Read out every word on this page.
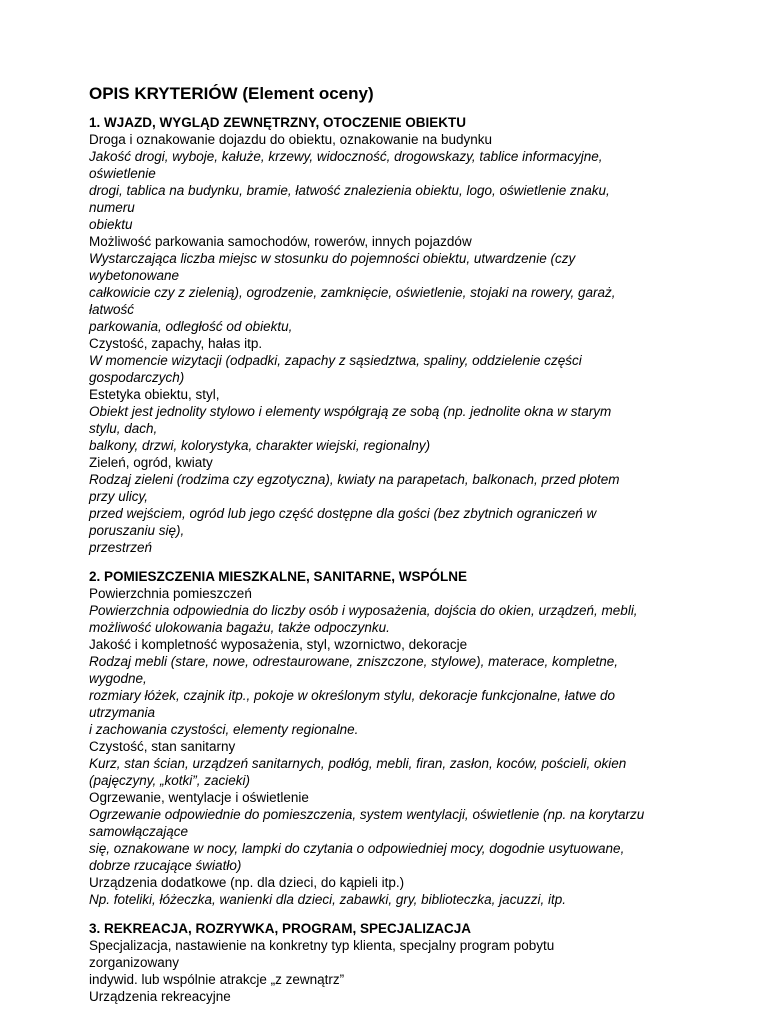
OPIS KRYTERIÓW (Element oceny)
1. WJAZD, WYGLĄD ZEWNĘTRZNY, OTOCZENIE OBIEKTU
Droga i oznakowanie dojazdu do obiektu, oznakowanie na budynku
Jakość drogi, wyboje, kałuże, krzewy, widoczność, drogowskazy, tablice informacyjne,
oświetlenie
drogi, tablica na budynku, bramie, łatwość znalezienia obiektu, logo, oświetlenie znaku,
numeru
obiektu
Możliwość parkowania samochodów, rowerów, innych pojazdów
Wystarczająca liczba miejsc w stosunku do pojemności obiektu, utwardzenie (czy
wybetonowane
całkowicie czy z zielenią), ogrodzenie, zamknięcie, oświetlenie, stojaki na rowery, garaż,
łatwość
parkowania, odległość od obiektu,
Czystość, zapachy, hałas itp.
W momencie wizytacji (odpadki, zapachy z sąsiedztwa, spaliny, oddzielenie części
gospodarczych)
Estetyka obiektu, styl,
Obiekt jest jednolity stylowo i elementy współgrają ze sobą (np. jednolite okna w starym
stylu, dach,
balkony, drzwi, kolorystyka, charakter wiejski, regionalny)
Zieleń, ogród, kwiaty
Rodzaj zieleni (rodzima czy egzotyczna), kwiaty na parapetach, balkonach, przed płotem
przy ulicy,
przed wejściem, ogród lub jego część dostępne dla gości (bez zbytnich ograniczeń w
poruszaniu się),
przestrzeń
2. POMIESZCZENIA MIESZKALNE, SANITARNE, WSPÓLNE
Powierzchnia pomieszczeń
Powierzchnia odpowiednia do liczby osób i wyposażenia, dojścia do okien, urządzeń, mebli,
możliwość ulokowania bagażu, także odpoczynku.
Jakość i kompletność wyposażenia, styl, wzornictwo, dekoracje
Rodzaj mebli (stare, nowe, odrestaurowane, zniszczone, stylowe), materace, kompletne,
wygodne,
rozmiary łóżek, czajnik itp., pokoje w określonym stylu, dekoracje funkcjonalne, łatwe do
utrzymania
i zachowania czystości, elementy regionalne.
Czystość, stan sanitarny
Kurz, stan ścian, urządzeń sanitarnych, podłóg, mebli, firan, zasłon, koców, pościeli, okien
(pajęczyny, „kotki”, zacieki)
Ogrzewanie, wentylacje i oświetlenie
Ogrzewanie odpowiednie do pomieszczenia, system wentylacji, oświetlenie (np. na korytarzu
samowłączające
się, oznakowane w nocy, lampki do czytania o odpowiedniej mocy, dogodnie usytuowane,
dobrze rzucające światło)
Urządzenia dodatkowe (np. dla dzieci, do kąpieli itp.)
Np. foteliki, łóżeczka, wanienki dla dzieci, zabawki, gry, biblioteczka, jacuzzi, itp.
3. REKREACJA, ROZRYWKA, PROGRAM, SPECJALIZACJA
Specjalizacja, nastawienie na konkretny typ klienta, specjalny program pobytu
zorganizowany
indywid. lub wspólnie atrakcje „z zewnątrz”
Urządzenia rekreacyjne
